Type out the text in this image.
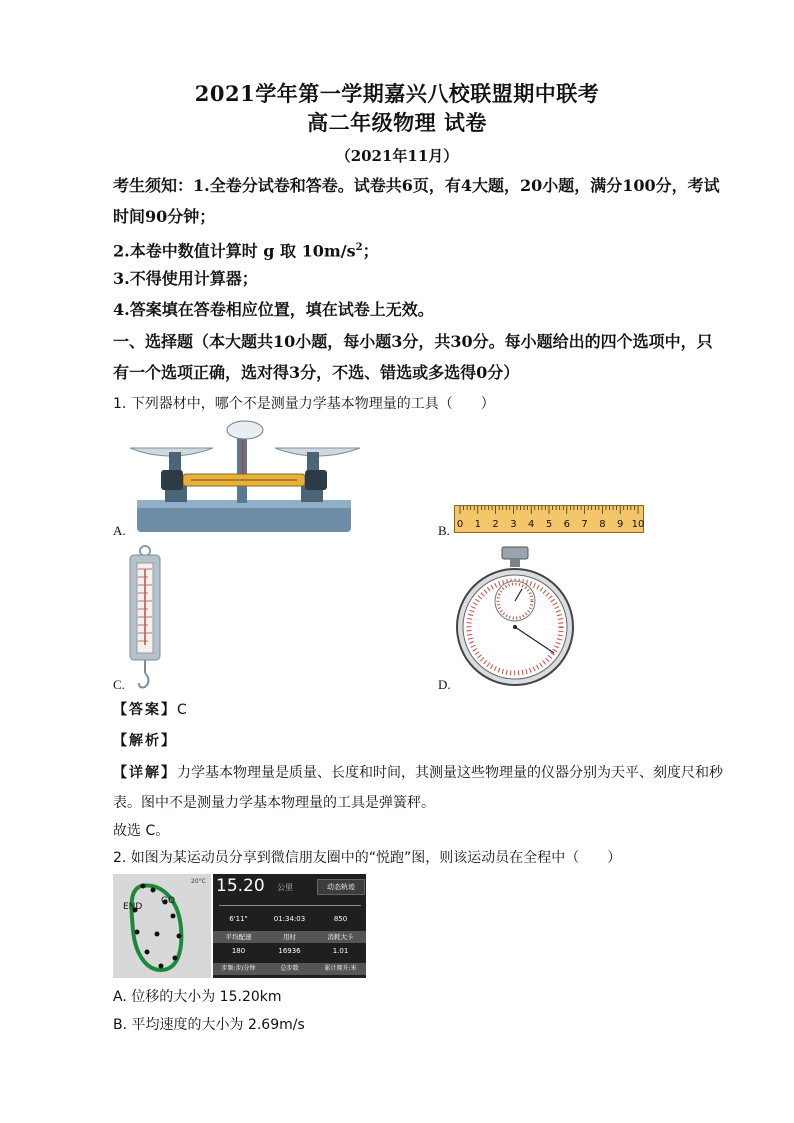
2021学年第一学期嘉兴八校联盟期中联考
高二年级物理 试卷
（2021年11月）
考生须知：1.全卷分试卷和答卷。试卷共6页，有4大题，20小题，满分100分，考试
时间90分钟；
2.本卷中数值计算时 g 取 $10m/s^2$；
3.不得使用计算器；
4.答案填在答卷相应位置，填在试卷上无效。
一、选择题（本大题共10小题，每小题3分，共30分。每小题给出的四个选项中，只
有一个选项正确，选对得3分，不选、错选或多选得0分）
1. 下列器材中，哪个不是测量力学基本物理量的工具（　　）
A.	B. 0 1 2 3 4 5 6 7 8 9 10
C.	D.
【答案】C
【解析】
【详解】力学基本物理量是质量、长度和时间，其测量这些物理量的仪器分别为天平、刻度尺和秒
表。图中不是测量力学基本物理量的工具是弹簧秤。
故选 C。
2. 如图为某运动员分享到微信朋友圈中的“悦跑”图，则该运动员在全程中（　　）
20°C
END
GO
15.20 公里	动态轨迹
6'11"	01:34:03	850
平均配速	用时	消耗大卡
180	16936	1.01
步频:步/分钟	总步数	累计爬升:米
A. 位移的大小为 15.20km
B. 平均速度的大小为 2.69m/s
